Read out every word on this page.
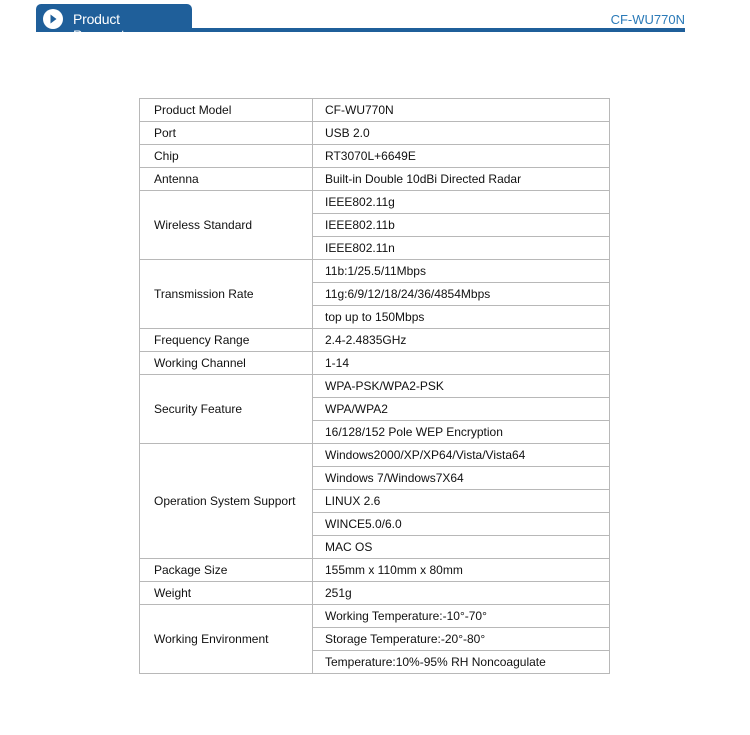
Product Parameters
CF-WU770N
Product Model	CF-WU770N
Port	USB 2.0
Chip	RT3070L+6649E
Antenna	Built-in Double 10dBi Directed Radar
Wireless Standard	IEEE802.11g
	IEEE802.11b
	IEEE802.11n
Transmission Rate	11b:1/25.5/11Mbps
	11g:6/9/12/18/24/36/4854Mbps
	top up to 150Mbps
Frequency Range	2.4-2.4835GHz
Working Channel	1-14
Security Feature	WPA-PSK/WPA2-PSK
	WPA/WPA2
	16/128/152 Pole WEP Encryption
Operation System Support	Windows2000/XP/XP64/Vista/Vista64
	Windows 7/Windows7X64
	LINUX 2.6
	WINCE5.0/6.0
	MAC OS
Package Size	155mm x 110mm x 80mm
Weight	251g
Working Environment	Working Temperature:-10°-70°
	Storage Temperature:-20°-80°
	Temperature:10%-95% RH Noncoagulate
